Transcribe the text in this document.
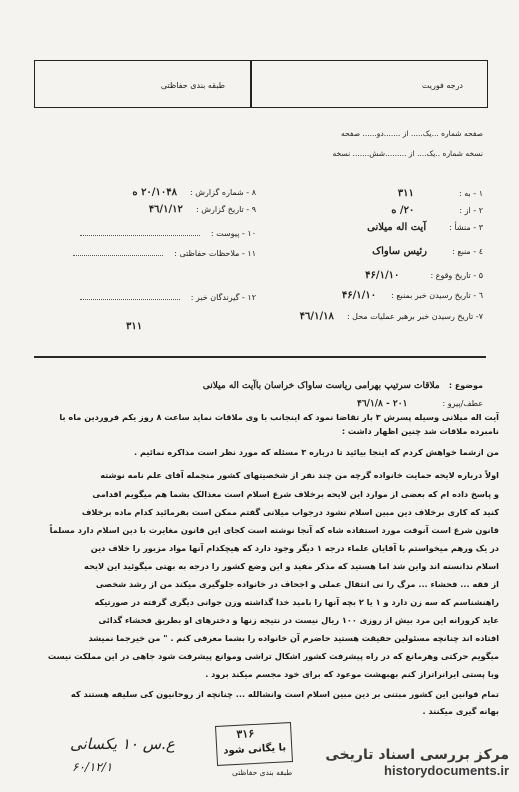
درجه فوریت
طبقه بندی حفاظتی
صفحه شماره ...یک..... از .......دو...... صفحه
نسخه شماره ..یک.... از .........شش....... نسخه
۱ - به : ۳۱۱
۲ - از : ۲۰/ ه
۳ - منشأ : آیت اله میلانی
٤ - منبع : رئیس ساواک
۵ - تاریخ وقوع : ۴۶/۱/۱۰
٦ - تاریخ رسیدن خبر بمنبع : ۴۶/۱/۱۰
۷- تاریخ رسیدن خبر برهبر عملیات محل : ۴٦/۱/۱۸
۸ - شماره گزارش : ۲۰/۱۰۴۸ ه
۹ - تاریخ گزارش : ۴٦/۱/۱۲
۱۰ - پیوست :
۱۱ - ملاحظات حفاظتی :
۱۲ - گیرندگان خبر :
۳۱۱
موضوع : ملاقات سرتیپ بهرامی ریاست ساواک خراسان باآیت اله میلانی
عطف/پیرو : ۲۰۱ - ۴٦/۱/۸
آیت اله میلانی وسیله پسرش ۳ بار تقاضا نمود که اینجانب با وی ملاقات نماید ساعت ۸ روز یکم فروردین ماه با
نامبرده ملاقات شد چنین اظهار داشت :
من ازشما خواهش کردم که اینجا بیائید تا درباره ۳ مسئله که مورد نظر است مذاکره نمائیم .
اولاً درباره لایحه حمایت خانواده گرچه من چند نفر از شخصیتهای کشور منجمله آقای علم نامه نوشته
و پاسخ داده ام که بعضی از موارد این لایحه برخلاف شرع اسلام است معذالک بشما هم میگویم اقدامی
کنید که کاری برخلاف دین مبین اسلام نشود درجواب میلانی گفتم ممکن است بفرمائید کدام ماده برخلاف
قانون شرع است آنوقت مورد استفاده شاه که آنجا نوشته است کجای این قانون مغایرت با دین اسلام دارد مسلماً
در یک ورهم میخواستم با آقایان علماء درجه ۱ دیگر وجود دارد که هیچکدام آنها مواد مزبور را خلاف دین
اسلام ندانسته اند واین شد اما هستید که مذکر مفید و این وضع کشور را درجه به بهتی میگوئید این لایحه
از فقه ... فحشاء ... مرگ را نی انتقال عملی و اجحاف در خانواده جلوگیری میکند من از رشد شخصی
راهنشناسم که سه زن دارد و ۱ یا ۲ بچه آنها را بامید خدا گذاشته وزن جوانی دیگری گرفته در صورتیکه
عاید کرورانه این مرد بیش از روزی ۱۰۰ ریال نیست در نتیجه زنها و دخترهای او بطریق فحشاء گدائی
افتاده اند چنانچه مسئولین حقیقت هستید حاضرم آن خانواده را بشما معرفی کنم . " من خیرجما نمیشد
میگویم حرکتی وهرمانع که در راه پیشرفت کشور اشکال تراشی وموانع پیشرفت شود جاهی در این مملکت نیست
وبا پستی ایرانراتراز کنم بهبهشت موعود که برای خود مجسم میکند برود .
تمام قوانین این کشور مبتنی بر دین مبین اسلام است وانشالله ... چنانچه از روحانیون کی سلیقه هستند که
بهانه گیری میکنند .
۳۱۶
با یگانی شود
طبقه بندی حفاظتی
ع.س ۱۰ یکسانی
۶۰/۱۲/۱
مرکز بررسی اسناد تاریخی
historydocuments.ir
